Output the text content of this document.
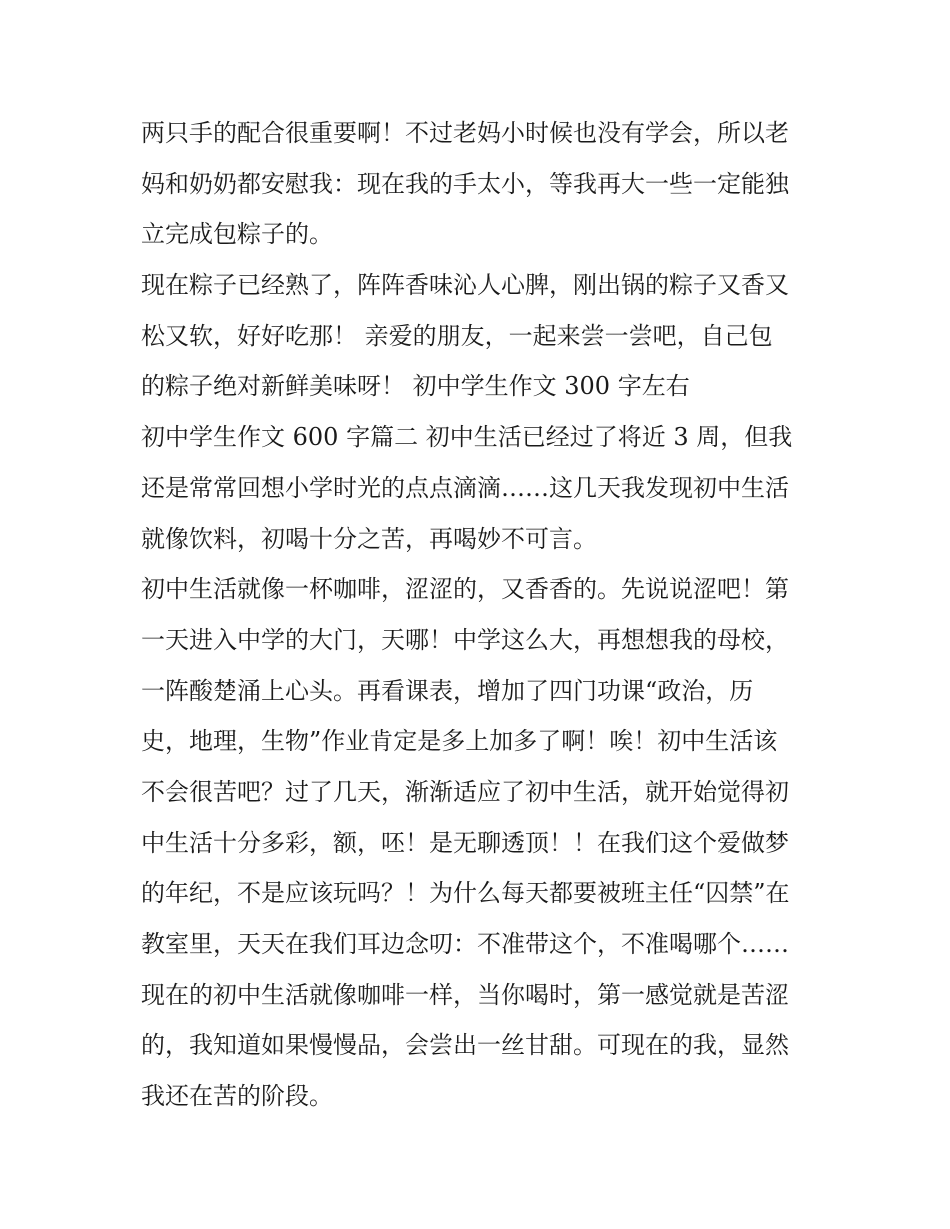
两只手的配合很重要啊！不过老妈小时候也没有学会，所以老
妈和奶奶都安慰我：现在我的手太小，等我再大一些一定能独
立完成包粽子的。
现在粽子已经熟了，阵阵香味沁人心脾，刚出锅的粽子又香又
松又软，好好吃那！ 亲爱的朋友，一起来尝一尝吧，自己包
的粽子绝对新鲜美味呀！ 初中学生作文 300 字左右
初中学生作文 600 字篇二 初中生活已经过了将近 3 周，但我
还是常常回想小学时光的点点滴滴……这几天我发现初中生活
就像饮料，初喝十分之苦，再喝妙不可言。
初中生活就像一杯咖啡，涩涩的，又香香的。先说说涩吧！第
一天进入中学的大门，天哪！中学这么大，再想想我的母校，
一阵酸楚涌上心头。再看课表，增加了四门功课“政治，历
史，地理，生物”作业肯定是多上加多了啊！唉！初中生活该
不会很苦吧？过了几天，渐渐适应了初中生活，就开始觉得初
中生活十分多彩，额，呸！是无聊透顶！！在我们这个爱做梦
的年纪，不是应该玩吗？！为什么每天都要被班主任“囚禁”在
教室里，天天在我们耳边念叨：不准带这个，不准喝哪个……
现在的初中生活就像咖啡一样，当你喝时，第一感觉就是苦涩
的，我知道如果慢慢品，会尝出一丝甘甜。可现在的我，显然
我还在苦的阶段。
